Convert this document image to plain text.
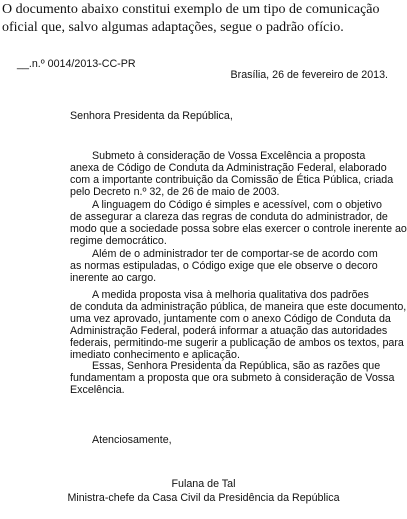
O documento abaixo constitui exemplo de um tipo de comunicação
oficial que, salvo algumas adaptações, segue o padrão ofício.
__.n.º 0014/2013-CC-PR
Brasília, 26 de fevereiro de 2013.
Senhora Presidenta da República,
Submeto à consideração de Vossa Excelência a proposta
anexa de Código de Conduta da Administração Federal, elaborado
com a importante contribuição da Comissão de Ética Pública, criada
pelo Decreto n.º 32, de 26 de maio de 2003.
A linguagem do Código é simples e acessível, com o objetivo
de assegurar a clareza das regras de conduta do administrador, de
modo que a sociedade possa sobre elas exercer o controle inerente ao
regime democrático.
Além de o administrador ter de comportar-se de acordo com
as normas estipuladas, o Código exige que ele observe o decoro
inerente ao cargo.
A medida proposta visa à melhoria qualitativa dos padrões
de conduta da administração pública, de maneira que este documento,
uma vez aprovado, juntamente com o anexo Código de Conduta da
Administração Federal, poderá informar a atuação das autoridades
federais, permitindo-me sugerir a publicação de ambos os textos, para
imediato conhecimento e aplicação.
Essas, Senhora Presidenta da República, são as razões que
fundamentam a proposta que ora submeto à consideração de Vossa
Excelência.
Atenciosamente,
Fulana de Tal
Ministra-chefe da Casa Civil da Presidência da República
